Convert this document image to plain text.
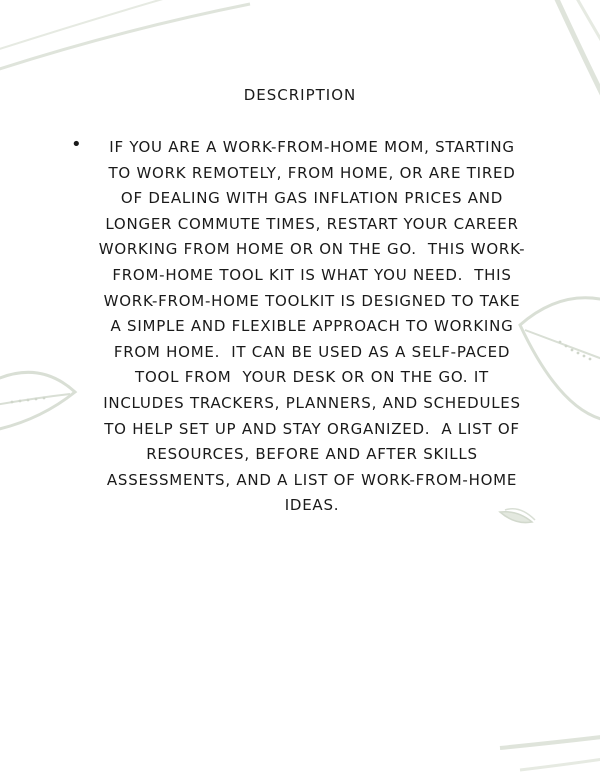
DESCRIPTION
•	IF YOU ARE A WORK-FROM-HOME MOM, STARTING
TO WORK REMOTELY, FROM HOME, OR ARE TIRED
OF DEALING WITH GAS INFLATION PRICES AND
LONGER COMMUTE TIMES, RESTART YOUR CAREER
WORKING FROM HOME OR ON THE GO.  THIS WORK-
FROM-HOME TOOL KIT IS WHAT YOU NEED.  THIS
WORK-FROM-HOME TOOLKIT IS DESIGNED TO TAKE
A SIMPLE AND FLEXIBLE APPROACH TO WORKING
FROM HOME.  IT CAN BE USED AS A SELF-PACED
TOOL FROM  YOUR DESK OR ON THE GO. IT
INCLUDES TRACKERS, PLANNERS, AND SCHEDULES
TO HELP SET UP AND STAY ORGANIZED.  A LIST OF
RESOURCES, BEFORE AND AFTER SKILLS
ASSESSMENTS, AND A LIST OF WORK-FROM-HOME
IDEAS.
